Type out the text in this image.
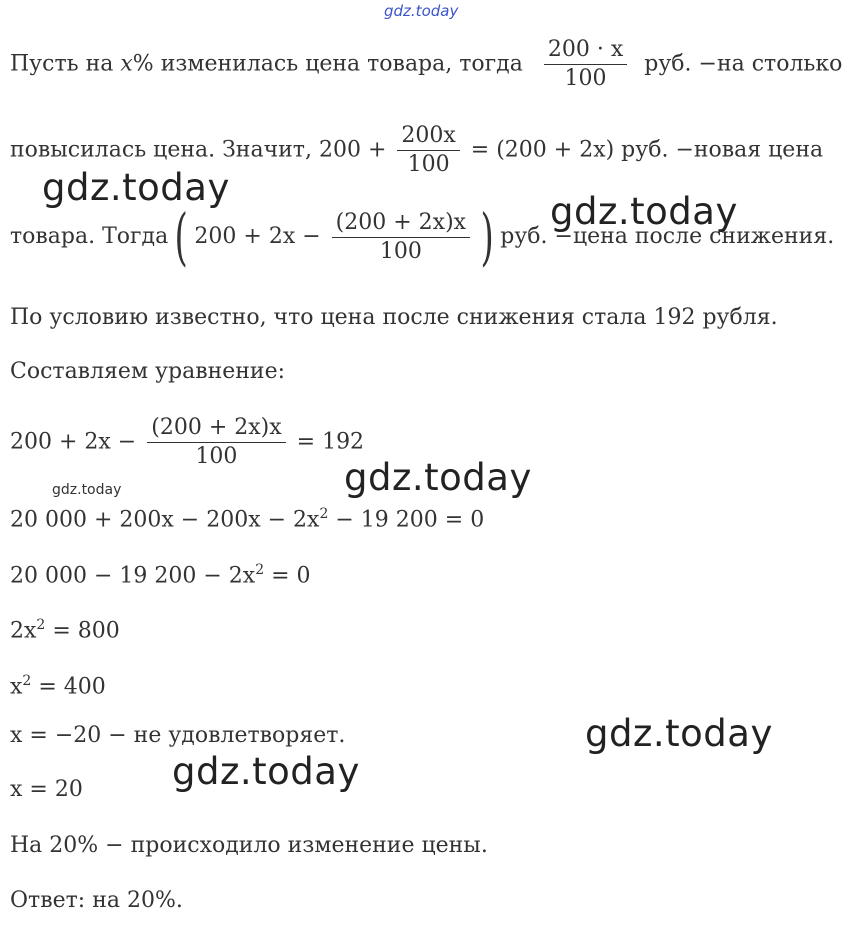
gdz.today
Пусть на x% изменилась цена товара, тогда $\frac{200 \cdot x}{100}$ руб. −на столько
повысилась цена. Значит, $200 + \frac{200x}{100} = (200 + 2x)$ руб. −новая цена
товара. Тогда ( $200 + 2x - \frac{(200 + 2x)x}{100}$ ) руб. −цена после снижения.
По условию известно, что цена после снижения стала 192 рубля.
Составляем уравнение:
$200 + 2x - \frac{(200 + 2x)x}{100} = 192$
20 $000 + 200x - 200x - 2x^2 - 19$ 200 = 0
20 000 − 19 $200 - 2x^2 = 0$
$2x^2 = 800$
$x^2 = 400$
x = −20 − не удовлетворяет.
x = 20
На 20% − происходило изменение цены.
Ответ: на 20%.
gdz.today
gdz.today
gdz.today
gdz.today
gdz.today
gdz.today
